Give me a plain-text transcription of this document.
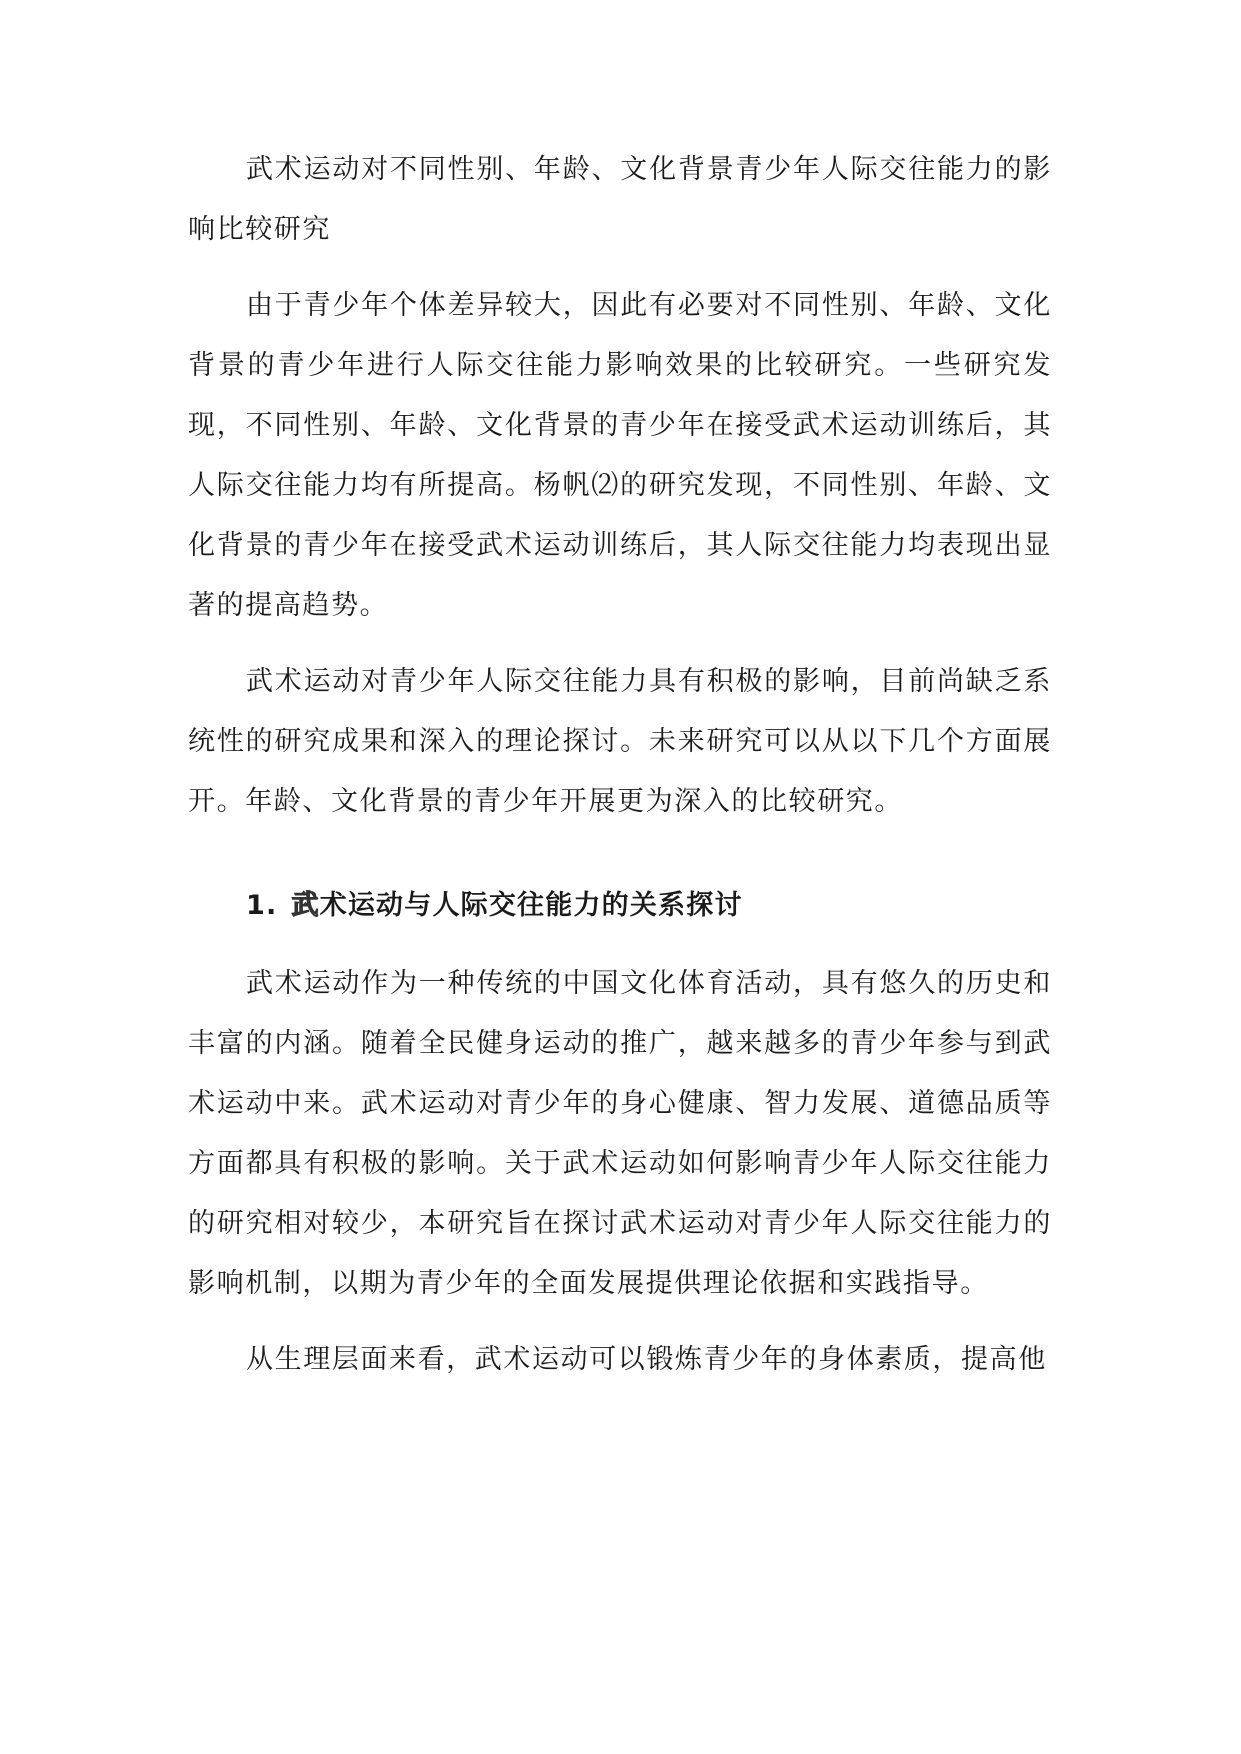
武术运动对不同性别、年龄、文化背景青少年人际交往能力的影响比较研究

由于青少年个体差异较大，因此有必要对不同性别、年龄、文化背景的青少年进行人际交往能力影响效果的比较研究。一些研究发现，不同性别、年龄、文化背景的青少年在接受武术运动训练后，其人际交往能力均有所提高。杨帆⑵的研究发现，不同性别、年龄、文化背景的青少年在接受武术运动训练后，其人际交往能力均表现出显著的提高趋势。

武术运动对青少年人际交往能力具有积极的影响，目前尚缺乏系统性的研究成果和深入的理论探讨。未来研究可以从以下几个方面展开。年龄、文化背景的青少年开展更为深入的比较研究。

1. 武术运动与人际交往能力的关系探讨

武术运动作为一种传统的中国文化体育活动，具有悠久的历史和丰富的内涵。随着全民健身运动的推广，越来越多的青少年参与到武术运动中来。武术运动对青少年的身心健康、智力发展、道德品质等方面都具有积极的影响。关于武术运动如何影响青少年人际交往能力的研究相对较少，本研究旨在探讨武术运动对青少年人际交往能力的影响机制，以期为青少年的全面发展提供理论依据和实践指导。

从生理层面来看，武术运动可以锻炼青少年的身体素质，提高他
